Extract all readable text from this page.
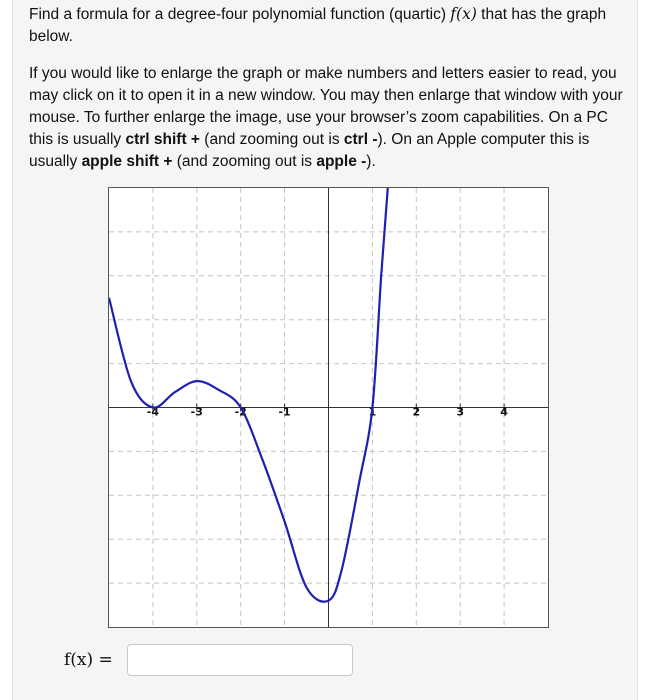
Find a formula for a degree-four polynomial function (quartic) f(x) that has the graph below.

If you would like to enlarge the graph or make numbers and letters easier to read, you may click on it to open it in a new window. You may then enlarge that window with your mouse. To further enlarge the image, use your browser’s zoom capabilities. On a PC this is usually ctrl shift + (and zooming out is ctrl -). On an Apple computer this is usually apple shift + (and zooming out is apple -).

-4	-3	-2	-1	1	2	3	4
f(x) =
